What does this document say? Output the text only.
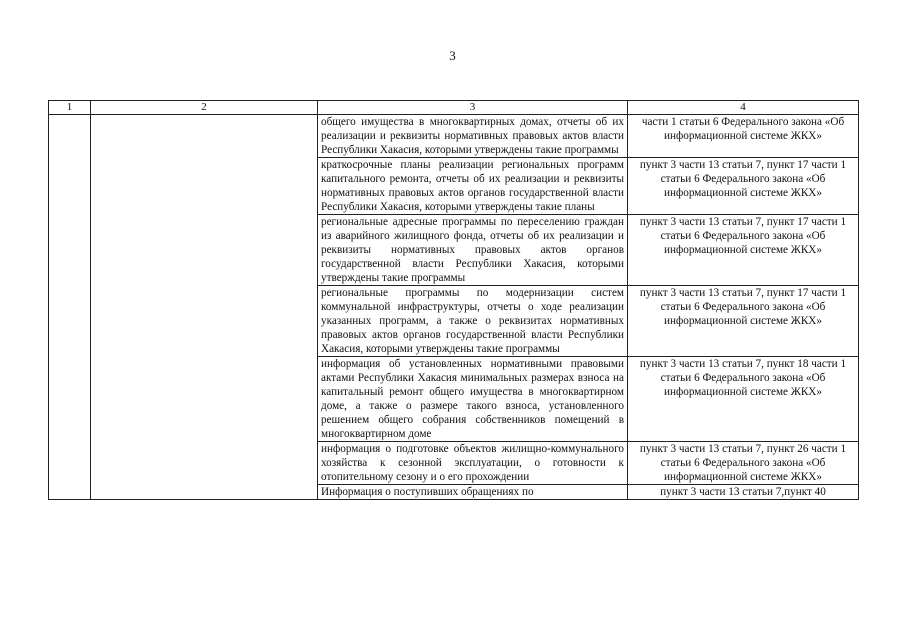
3
1	2	3	4
		общего имущества в многоквартирных домах, отчеты об их реализации и реквизиты нормативных правовых актов власти Республики Хакасия, которыми утверждены такие программы	части 1 статьи 6 Федерального закона «Об информационной системе ЖКХ»
		краткосрочные планы реализации региональных программ капитального ремонта, отчеты об их реализации и реквизиты нормативных правовых актов органов государственной власти Республики Хакасия, которыми утверждены такие планы	пункт 3 части 13 статьи 7, пункт 17 части 1 статьи 6 Федерального закона «Об информационной системе ЖКХ»
		региональные адресные программы по переселению граждан из аварийного жилищного фонда, отчеты об их реализации и реквизиты нормативных правовых актов органов государственной власти Республики Хакасия, которыми утверждены такие программы	пункт 3 части 13 статьи 7, пункт 17 части 1 статьи 6 Федерального закона «Об информационной системе ЖКХ»
		региональные программы по модернизации систем коммунальной инфраструктуры, отчеты о ходе реализации указанных программ, а также о реквизитах нормативных правовых актов органов государственной власти Республики Хакасия, которыми утверждены такие программы	пункт 3 части 13 статьи 7, пункт 17 части 1 статьи 6 Федерального закона «Об информационной системе ЖКХ»
		информация об установленных нормативными правовыми актами Республики Хакасия минимальных размерах взноса на капитальный ремонт общего имущества в многоквартирном доме, а также о размере такого взноса, установленного решением общего собрания собственников помещений в многоквартирном доме	пункт 3 части 13 статьи 7, пункт 18 части 1 статьи 6 Федерального закона «Об информационной системе ЖКХ»
		информация о подготовке объектов жилищно-коммунального хозяйства к сезонной эксплуатации, о готовности к отопительному сезону и о его прохождении	пункт 3 части 13 статьи 7, пункт 26 части 1 статьи 6 Федерального закона «Об информационной системе ЖКХ»
		Информация о поступивших обращениях по	пункт 3 части 13 статьи 7,пункт 40
